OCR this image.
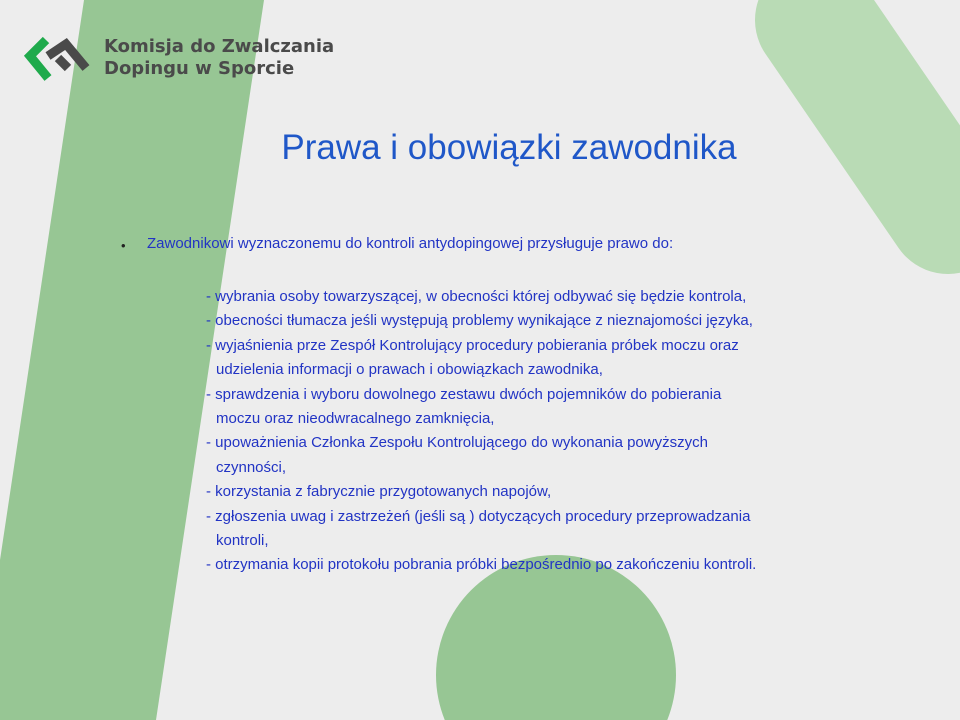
Komisja do Zwalczania
Dopingu w Sporcie
Prawa i obowiązki zawodnika
• Zawodnikowi wyznaczonemu do kontroli antydopingowej przysługuje prawo do:
- wybrania osoby towarzyszącej, w obecności której odbywać się będzie kontrola,
- obecności tłumacza jeśli występują problemy wynikające z nieznajomości języka,
- wyjaśnienia prze Zespół Kontrolujący procedury pobierania próbek moczu oraz
udzielenia informacji o prawach i obowiązkach zawodnika,
- sprawdzenia i wyboru dowolnego zestawu dwóch pojemników do pobierania
moczu oraz nieodwracalnego zamknięcia,
- upoważnienia Członka Zespołu Kontrolującego do wykonania powyższych
czynności,
- korzystania z fabrycznie przygotowanych napojów,
- zgłoszenia uwag i zastrzeżeń (jeśli są ) dotyczących procedury przeprowadzania
kontroli,
- otrzymania kopii protokołu pobrania próbki bezpośrednio po zakończeniu kontroli.
